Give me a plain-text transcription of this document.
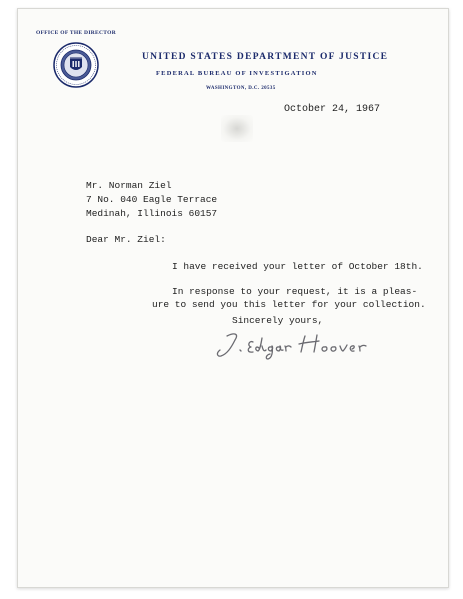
OFFICE OF THE DIRECTOR
UNITED STATES DEPARTMENT OF JUSTICE
FEDERAL BUREAU OF INVESTIGATION
WASHINGTON, D.C. 20535
October 24, 1967
Mr. Norman Ziel
7 No. 040 Eagle Terrace
Medinah, Illinois 60157
Dear Mr. Ziel:
I have received your letter of October 18th.
In response to your request, it is a pleas-
ure to send you this letter for your collection.
Sincerely yours,
